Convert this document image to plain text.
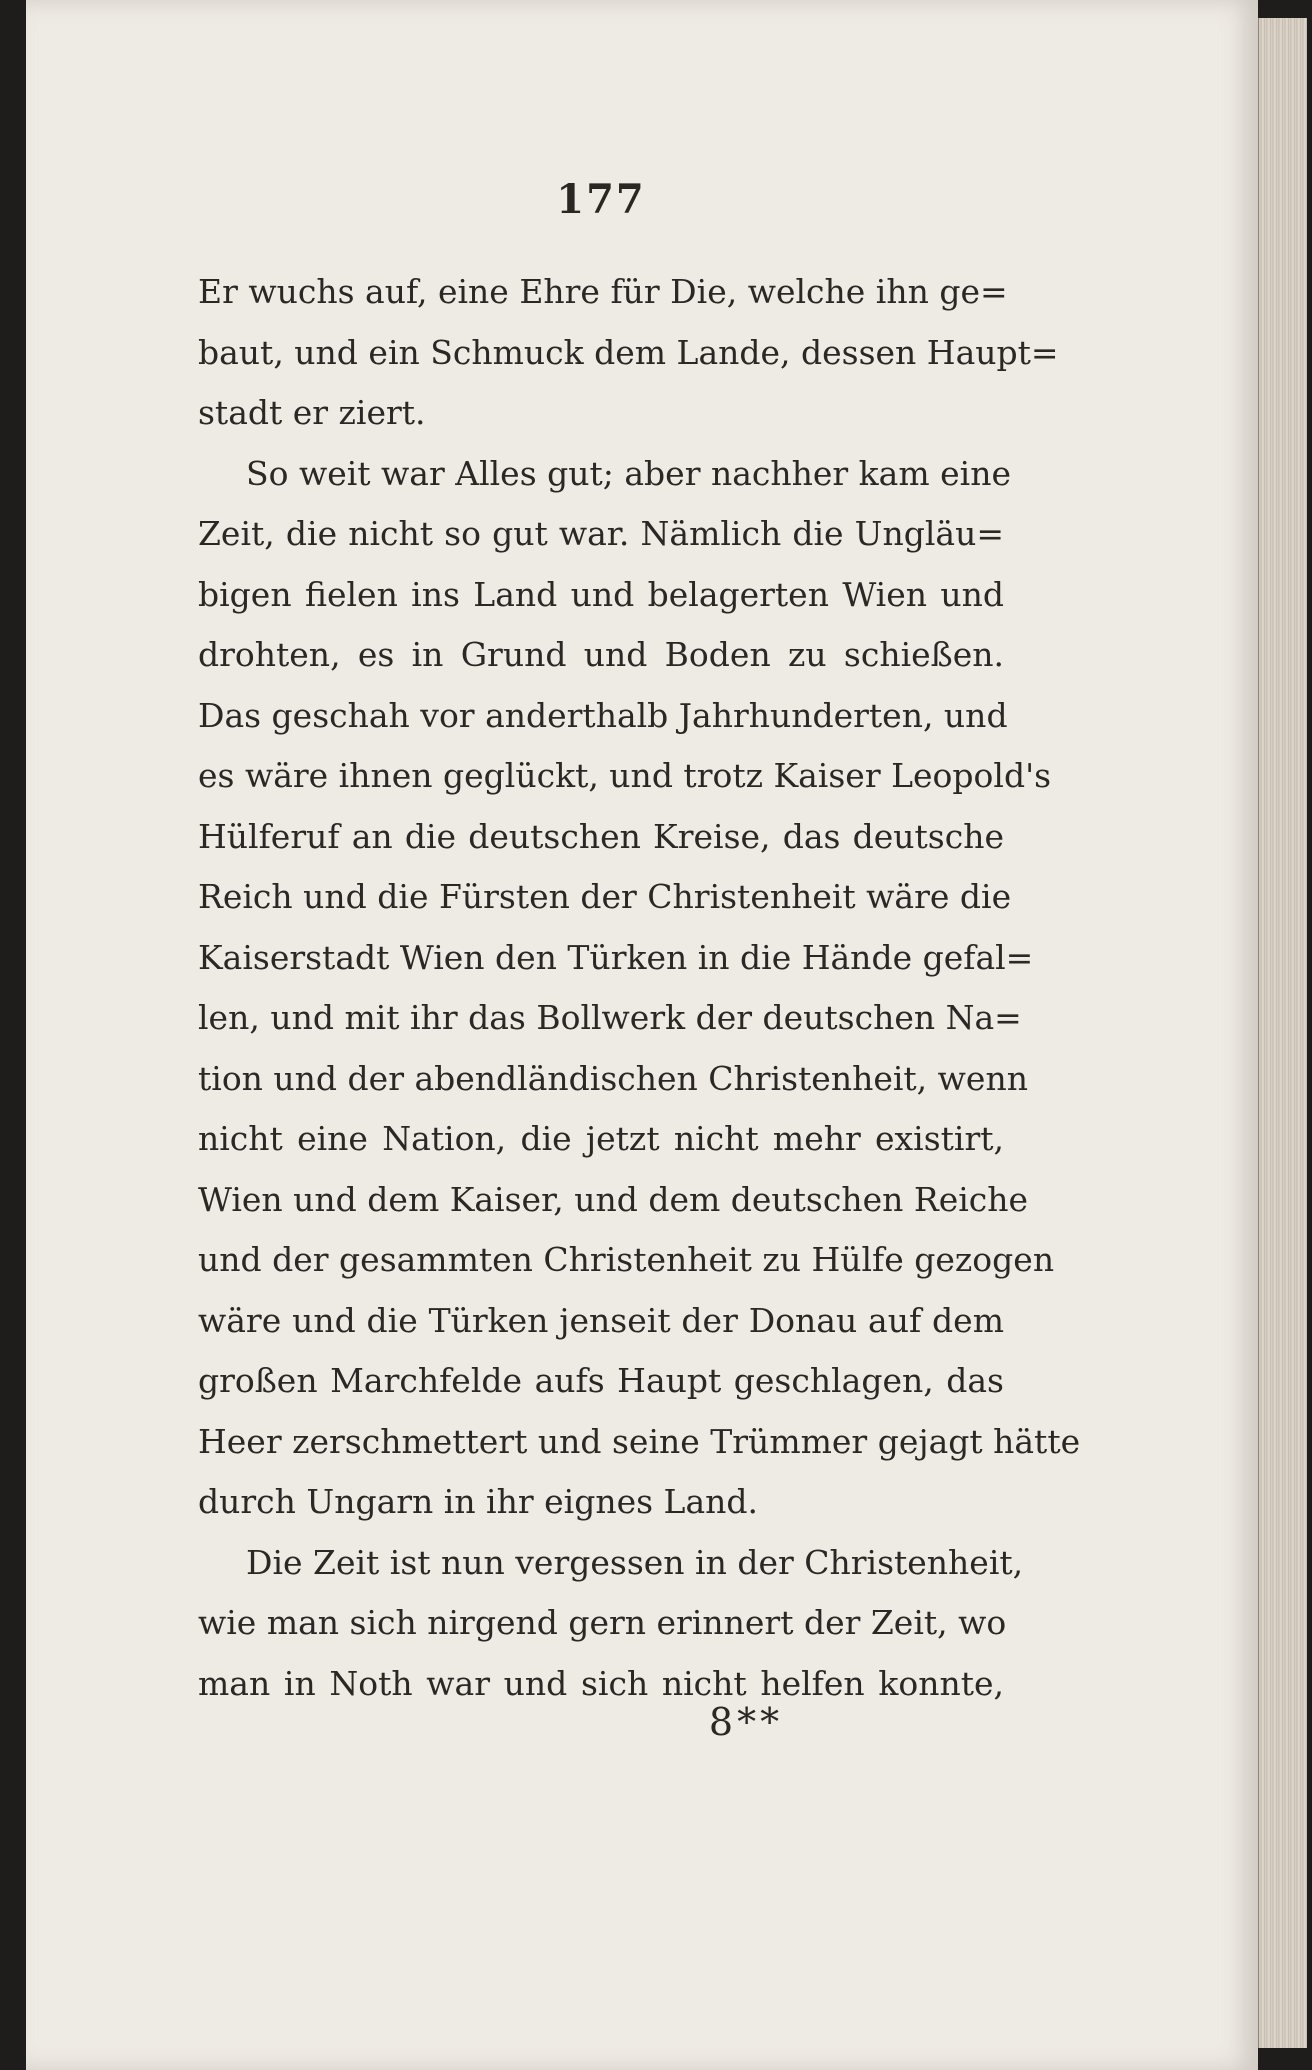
177
Er wuchs auf, eine Ehre für Die, welche ihn ge=
baut, und ein Schmuck dem Lande, dessen Haupt=
stadt er ziert.
So weit war Alles gut; aber nachher kam eine
Zeit, die nicht so gut war. Nämlich die Ungläu=
bigen fielen ins Land und belagerten Wien und
drohten, es in Grund und Boden zu schießen.
Das geschah vor anderthalb Jahrhunderten, und
es wäre ihnen geglückt, und trotz Kaiser Leopold's
Hülferuf an die deutschen Kreise, das deutsche
Reich und die Fürsten der Christenheit wäre die
Kaiserstadt Wien den Türken in die Hände gefal=
len, und mit ihr das Bollwerk der deutschen Na=
tion und der abendländischen Christenheit, wenn
nicht eine Nation, die jetzt nicht mehr existirt,
Wien und dem Kaiser, und dem deutschen Reiche
und der gesammten Christenheit zu Hülfe gezogen
wäre und die Türken jenseit der Donau auf dem
großen Marchfelde aufs Haupt geschlagen, das
Heer zerschmettert und seine Trümmer gejagt hätte
durch Ungarn in ihr eignes Land.
Die Zeit ist nun vergessen in der Christenheit,
wie man sich nirgend gern erinnert der Zeit, wo
man in Noth war und sich nicht helfen konnte,
8**
